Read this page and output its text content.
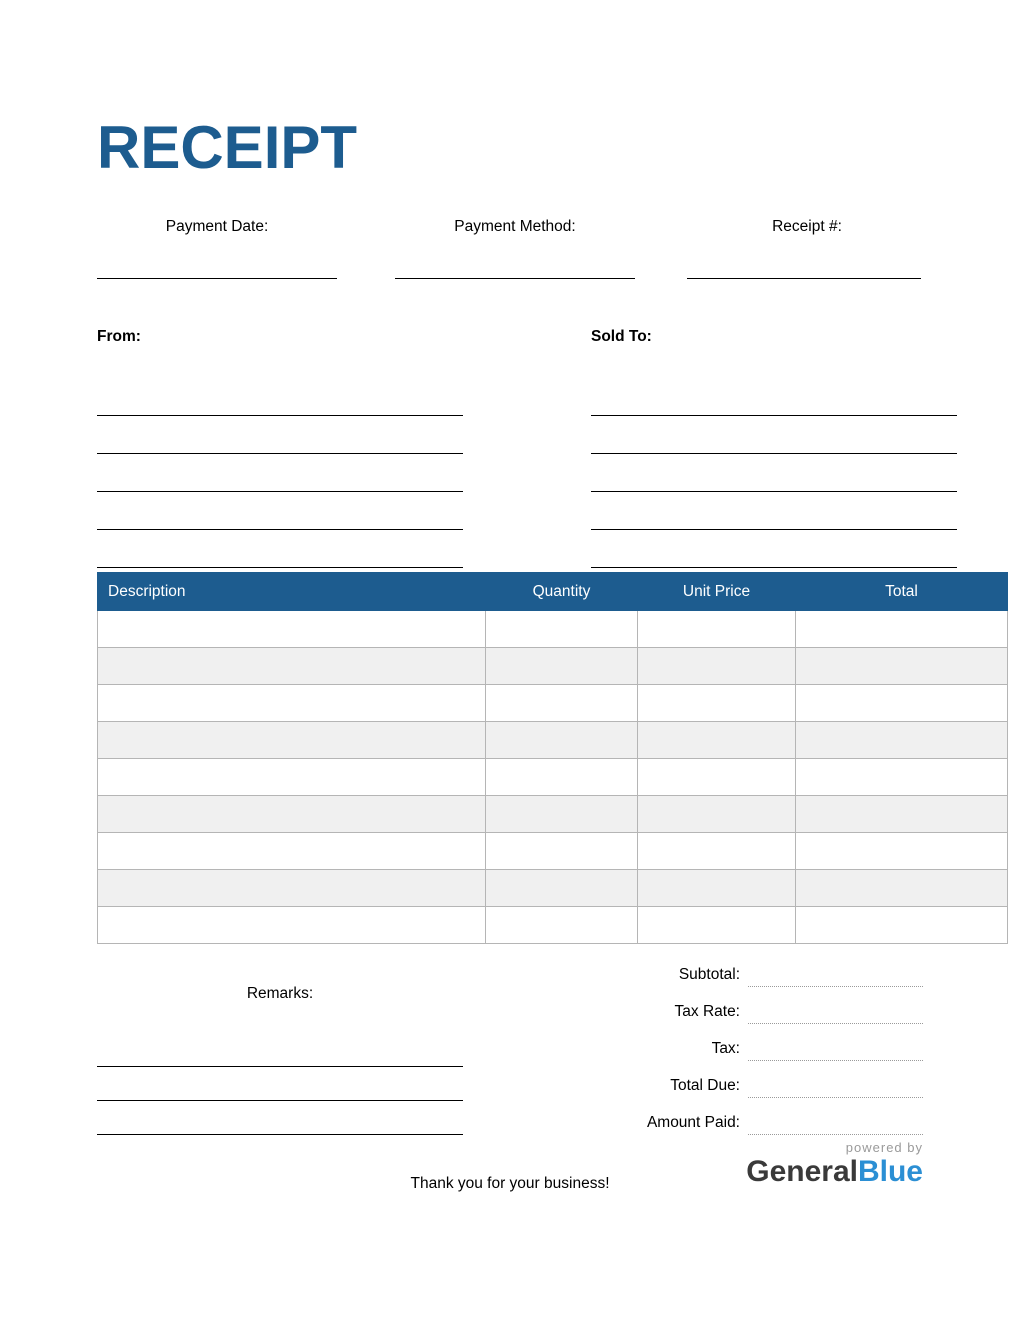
RECEIPT
Payment Date:	Payment Method:	Receipt #:
From:	Sold To:
Description	Quantity	Unit Price	Total

Remarks:
Subtotal:
Tax Rate:
Tax:
Total Due:
Amount Paid:
Thank you for your business!
powered by
GeneralBlue
